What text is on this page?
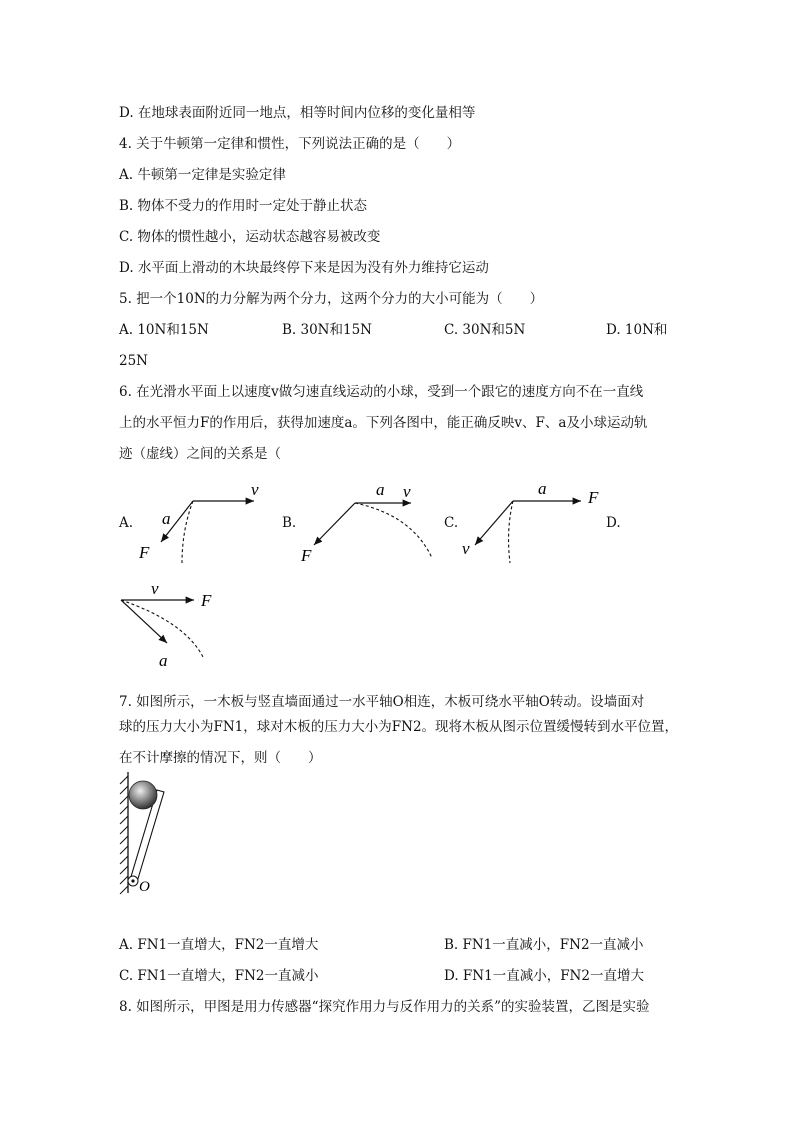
D. 在地球表面附近同一地点，相等时间内位移的变化量相等
4. 关于牛顿第一定律和惯性，下列说法正确的是（　　）
A. 牛顿第一定律是实验定律
B. 物体不受力的作用时一定处于静止状态
C. 物体的惯性越小，运动状态越容易被改变
D. 水平面上滑动的木块最终停下来是因为没有外力维持它运动
5. 把一个10N的力分解为两个分力，这两个分力的大小可能为（　　）
A. 10N和15N	B. 30N和15N	C. 30N和5N	D. 10N和
25N
6. 在光滑水平面上以速度v做匀速直线运动的小球，受到一个跟它的速度方向不在一直线
上的水平恒力F的作用后，获得加速度a。下列各图中，能正确反映v、F、a及小球运动轨
迹（虚线）之间的关系是（
A.	B.	C.	D.
v
a
F
a v
F
a F
v
v
F
a
7. 如图所示，一木板与竖直墙面通过一水平轴O相连，木板可绕水平轴O转动。设墙面对
球的压力大小为FN1，球对木板的压力大小为FN2。现将木板从图示位置缓慢转到水平位置，
在不计摩擦的情况下，则（　　）
O
A. FN1一直增大，FN2一直增大	B. FN1一直减小，FN2一直减小
C. FN1一直增大，FN2一直减小	D. FN1一直减小，FN2一直增大
8. 如图所示，甲图是用力传感器“探究作用力与反作用力的关系”的实验装置，乙图是实验
